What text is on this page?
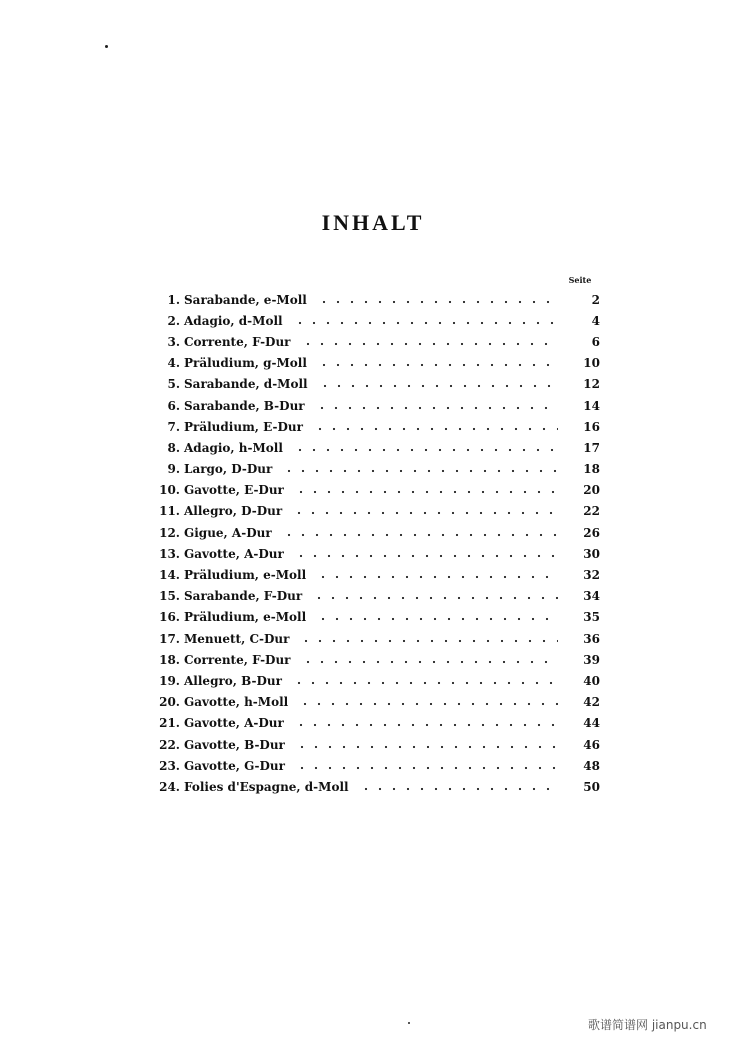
INHALT
Seite
1. Sarabande, e-Moll	2
2. Adagio, d-Moll	4
3. Corrente, F-Dur	6
4. Präludium, g-Moll	10
5. Sarabande, d-Moll	12
6. Sarabande, B-Dur	14
7. Präludium, E-Dur	16
8. Adagio, h-Moll	17
9. Largo, D-Dur	18
10. Gavotte, E-Dur	20
11. Allegro, D-Dur	22
12. Gigue, A-Dur	26
13. Gavotte, A-Dur	30
14. Präludium, e-Moll	32
15. Sarabande, F-Dur	34
16. Präludium, e-Moll	35
17. Menuett, C-Dur	36
18. Corrente, F-Dur	39
19. Allegro, B-Dur	40
20. Gavotte, h-Moll	42
21. Gavotte, A-Dur	44
22. Gavotte, B-Dur	46
23. Gavotte, G-Dur	48
24. Folies d'Espagne, d-Moll	50
歌谱简谱网 jianpu.cn
